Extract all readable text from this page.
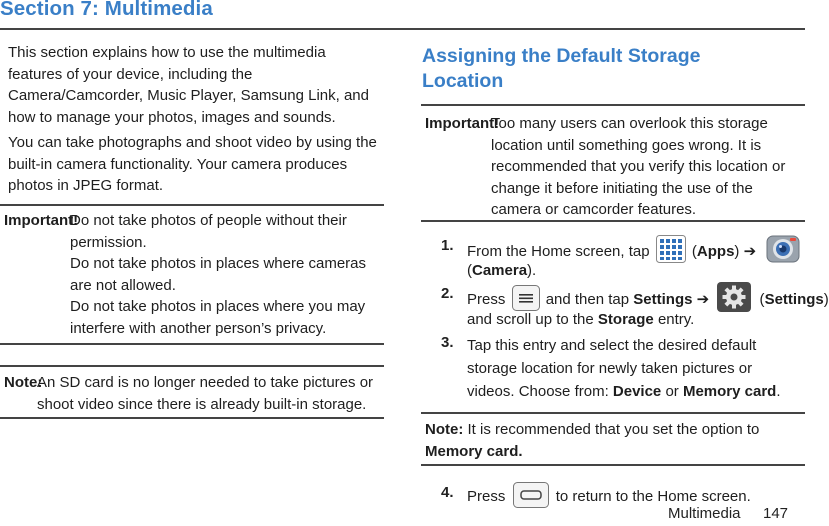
Section 7: Multimedia
This section explains how to use the multimedia features of your device, including the Camera/Camcorder, Music Player, Samsung Link, and how to manage your photos, images and sounds.
You can take photographs and shoot video by using the built-in camera functionality. Your camera produces photos in JPEG format.
Important!
Do not take photos of people without their permission.
Do not take photos in places where cameras are not allowed.
Do not take photos in places where you may interfere with another person’s privacy.
Note:
An SD card is no longer needed to take pictures or shoot video since there is already built-in storage.
Assigning the Default Storage
Location
Important!
Too many users can overlook this storage location until something goes wrong. It is recommended that you verify this location or change it before initiating the use of the camera or camcorder features.
1. From the Home screen, tap	(Apps) ➔
(Camera).
2. Press	and then tap Settings ➔	(Settings)
and scroll up to the Storage entry.
3. Tap this entry and select the desired default storage location for newly taken pictures or videos. Choose from: Device or Memory card.
Note: It is recommended that you set the option to Memory card.
4. Press	to return to the Home screen.
Multimedia 147
